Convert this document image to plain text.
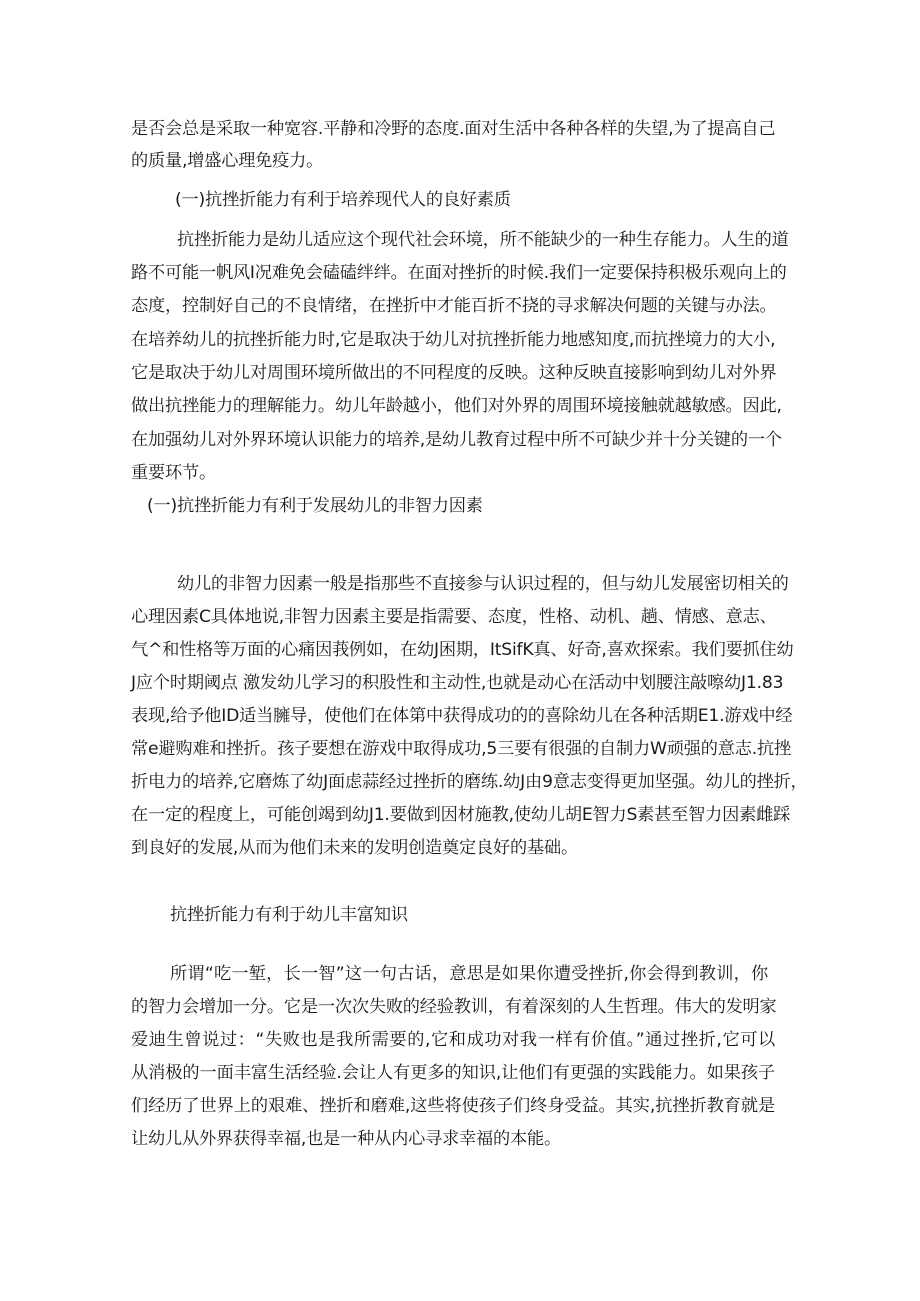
是否会总是采取一种宽容.平静和冷野的态度.面对生活中各种各样的失望,为了提高自己
的质量,增盛心理免疫力。
(一)抗挫折能力有利于培养现代人的良好素质
抗挫折能力是幼儿适应这个现代社会环境，所不能缺少的一种生存能力。人生的道
路不可能一帆风I况难免会磕磕绊绊。在面对挫折的时候.我们一定要保持积极乐观向上的
态度，控制好自己的不良情绪，在挫折中才能百折不挠的寻求解决何题的关键与办法。
在培养幼儿的抗挫折能力时,它是取决于幼儿对抗挫折能力地感知度,而抗挫境力的大小,
它是取决于幼儿对周围环境所做出的不冋程度的反映。这种反映直接影响到幼儿对外界
做出抗挫能力的理解能力。幼儿年龄越小，他们对外界的周围环境接触就越敏感。因此,
在加强幼儿对外界环境认识能力的培养,是幼儿教育过程中所不可缺少并十分关键的一个
重要环节。
(一)抗挫折能力有利于发展幼儿的非智力因素
幼儿的非智力因素一般是指那些不直接参与认识过程的，但与幼儿发展密切相关的
心理因素C具体地说,非智力因素主要是指需要、态度，性格、动机、趟、情感、意志、
气^和性格等万面的心痛因莪例如，在幼J困期，ItSifK真、好奇,喜欢探索。我们要抓住幼
J应个时期阈点 激发幼儿学习的积股性和主动性,也就是动心在活动中划腰注敲嚓幼J1.83
表现,给予他ID适当臃导，使他们在体第中获得成功的的喜除幼儿在各种活期E1.游戏中经
常e避购难和挫折。孩子要想在游戏中取得成功,5三要有很强的自制力W顽强的意志.抗挫
折电力的培养,它磨炼了幼J面虑蒜经过挫折的磨练.幼J由9意志变得更加坚强。幼儿的挫折，
在一定的程度上，可能创竭到幼J1.要做到因材施教,使幼儿胡E智力S素甚至智力因素雌踩
到良好的发展,从而为他们未来的发明创造奠定良好的基础。
抗挫折能力有利于幼儿丰富知识
所谓“吃一堑，长一智”这一句古话，意思是如果你遭受挫折,你会得到教训，你
的智力会增加一分。它是一次次失败的经验教训，有着深刻的人生哲理。伟大的发明家
爱迪生曾说过：“失败也是我所需要的,它和成功对我一样有价值。”通过挫折,它可以
从消极的一面丰富生活经验.会让人有更多的知识,让他们有更强的实践能力。如果孩子
们经历了世界上的艰难、挫折和磨难,这些将使孩子们终身受益。其实,抗挫折教育就是
让幼儿从外界获得幸福,也是一种从内心寻求幸福的本能。
